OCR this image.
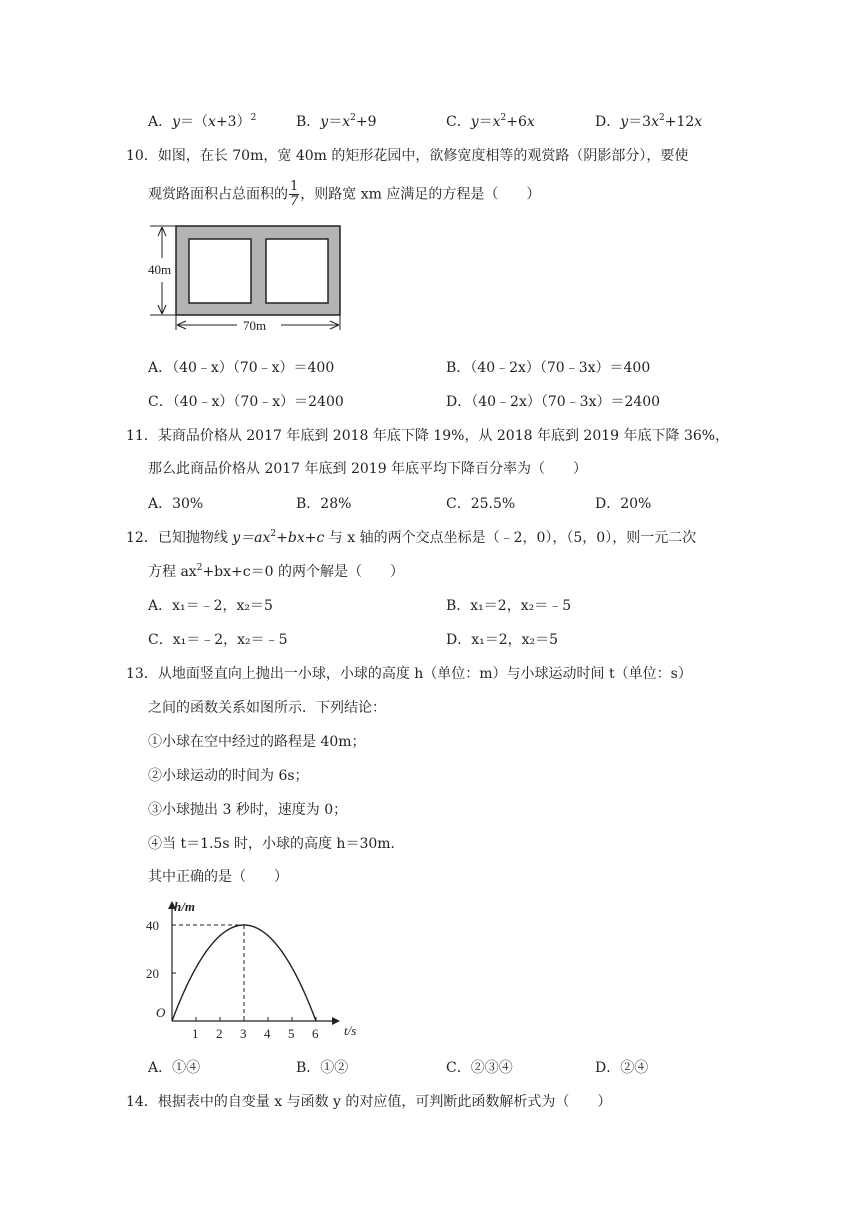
A．$y=(x+3)^2$	B．$y=x^2+9$	C．$y=x^2+6x$	D．$y=3x^2+12x$
10．如图，在长 70m，宽 40m 的矩形花园中，欲修宽度相等的观赏路（阴影部分），要使
观赏路面积占总面积的 $\frac{1}{7}$ ，则路宽 xm 应满足的方程是（　　）
40m
70m
A．（40﹣x）（70﹣x）＝400	B．（40﹣2x）（70﹣3x）＝400
C．（40﹣x）（70﹣x）＝2400	D．（40﹣2x）（70﹣3x）＝2400
11．某商品价格从 2017 年底到 2018 年底下降 19%，从 2018 年底到 2019 年底下降 36%，
那么此商品价格从 2017 年底到 2019 年底平均下降百分率为（　　）
A．30%	B．28%	C．25.5%	D．20%
12．已知抛物线 $y=ax^2+bx+c$ 与 x 轴的两个交点坐标是（﹣2，0），（5，0），则一元二次
方程 $ax^2+bx+c=0$ 的两个解是（　　）
A．x₁＝﹣2，x₂＝5	B．x₁＝2，x₂＝﹣5
C．x₁＝﹣2，x₂＝﹣5	D．x₁＝2，x₂＝5
13．从地面竖直向上抛出一小球，小球的高度 h（单位：m）与小球运动时间 t（单位：s）
之间的函数关系如图所示．下列结论：
①小球在空中经过的路程是 40m；
②小球运动的时间为 6s；
③小球抛出 3 秒时，速度为 0；
④当 t＝1.5s 时，小球的高度 h＝30m．
其中正确的是（　　）
t/s
h/m
O
1 2 3 4 5 6
20
40
A．①④	B．①②	C．②③④	D．②④
14．根据表中的自变量 x 与函数 y 的对应值，可判断此函数解析式为（　　）
